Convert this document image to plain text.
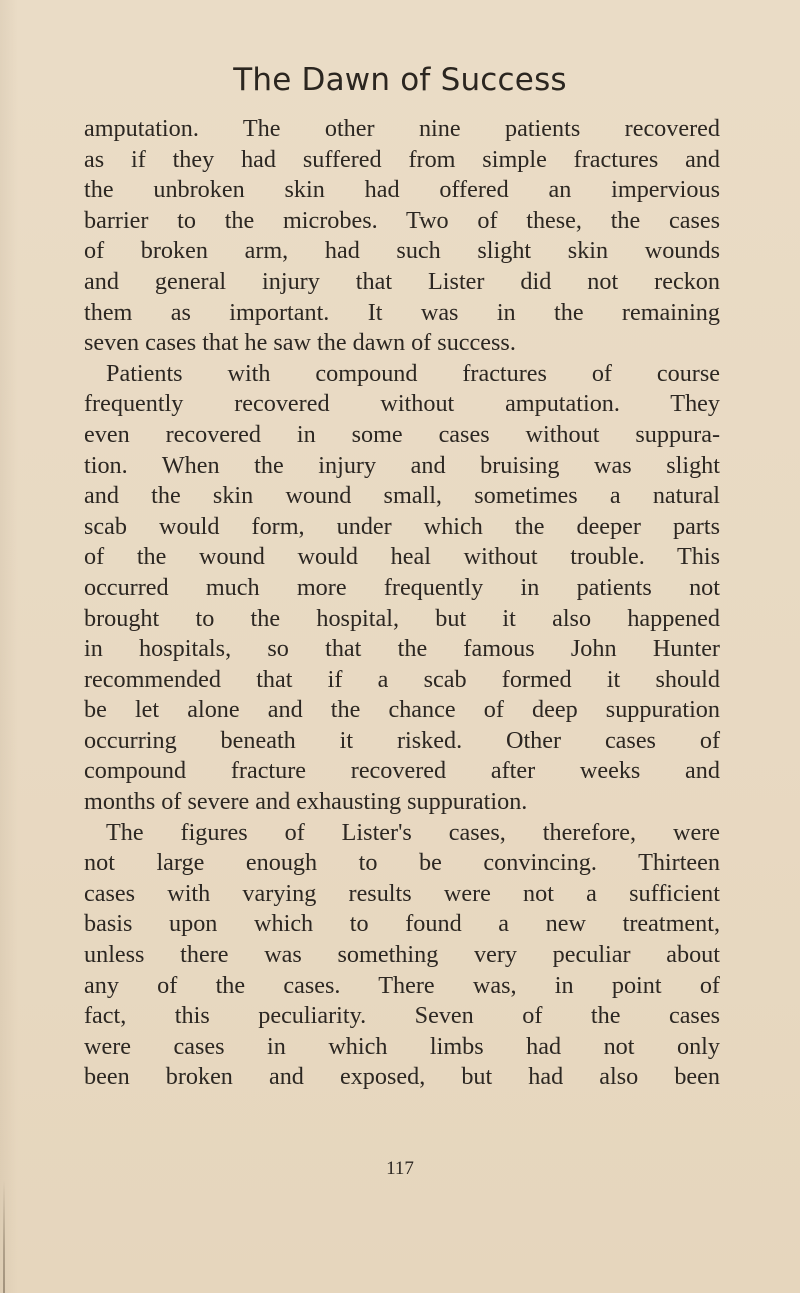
The Dawn of Success
amputation. The other nine patients recovered
as if they had suffered from simple fractures and
the unbroken skin had offered an impervious
barrier to the microbes. Two of these, the cases
of broken arm, had such slight skin wounds
and general injury that Lister did not reckon
them as important. It was in the remaining
seven cases that he saw the dawn of success.
Patients with compound fractures of course
frequently recovered without amputation. They
even recovered in some cases without suppura-
tion. When the injury and bruising was slight
and the skin wound small, sometimes a natural
scab would form, under which the deeper parts
of the wound would heal without trouble. This
occurred much more frequently in patients not
brought to the hospital, but it also happened
in hospitals, so that the famous John Hunter
recommended that if a scab formed it should
be let alone and the chance of deep suppuration
occurring beneath it risked. Other cases of
compound fracture recovered after weeks and
months of severe and exhausting suppuration.
The figures of Lister's cases, therefore, were
not large enough to be convincing. Thirteen
cases with varying results were not a sufficient
basis upon which to found a new treatment,
unless there was something very peculiar about
any of the cases. There was, in point of
fact, this peculiarity. Seven of the cases
were cases in which limbs had not only
been broken and exposed, but had also been
117
